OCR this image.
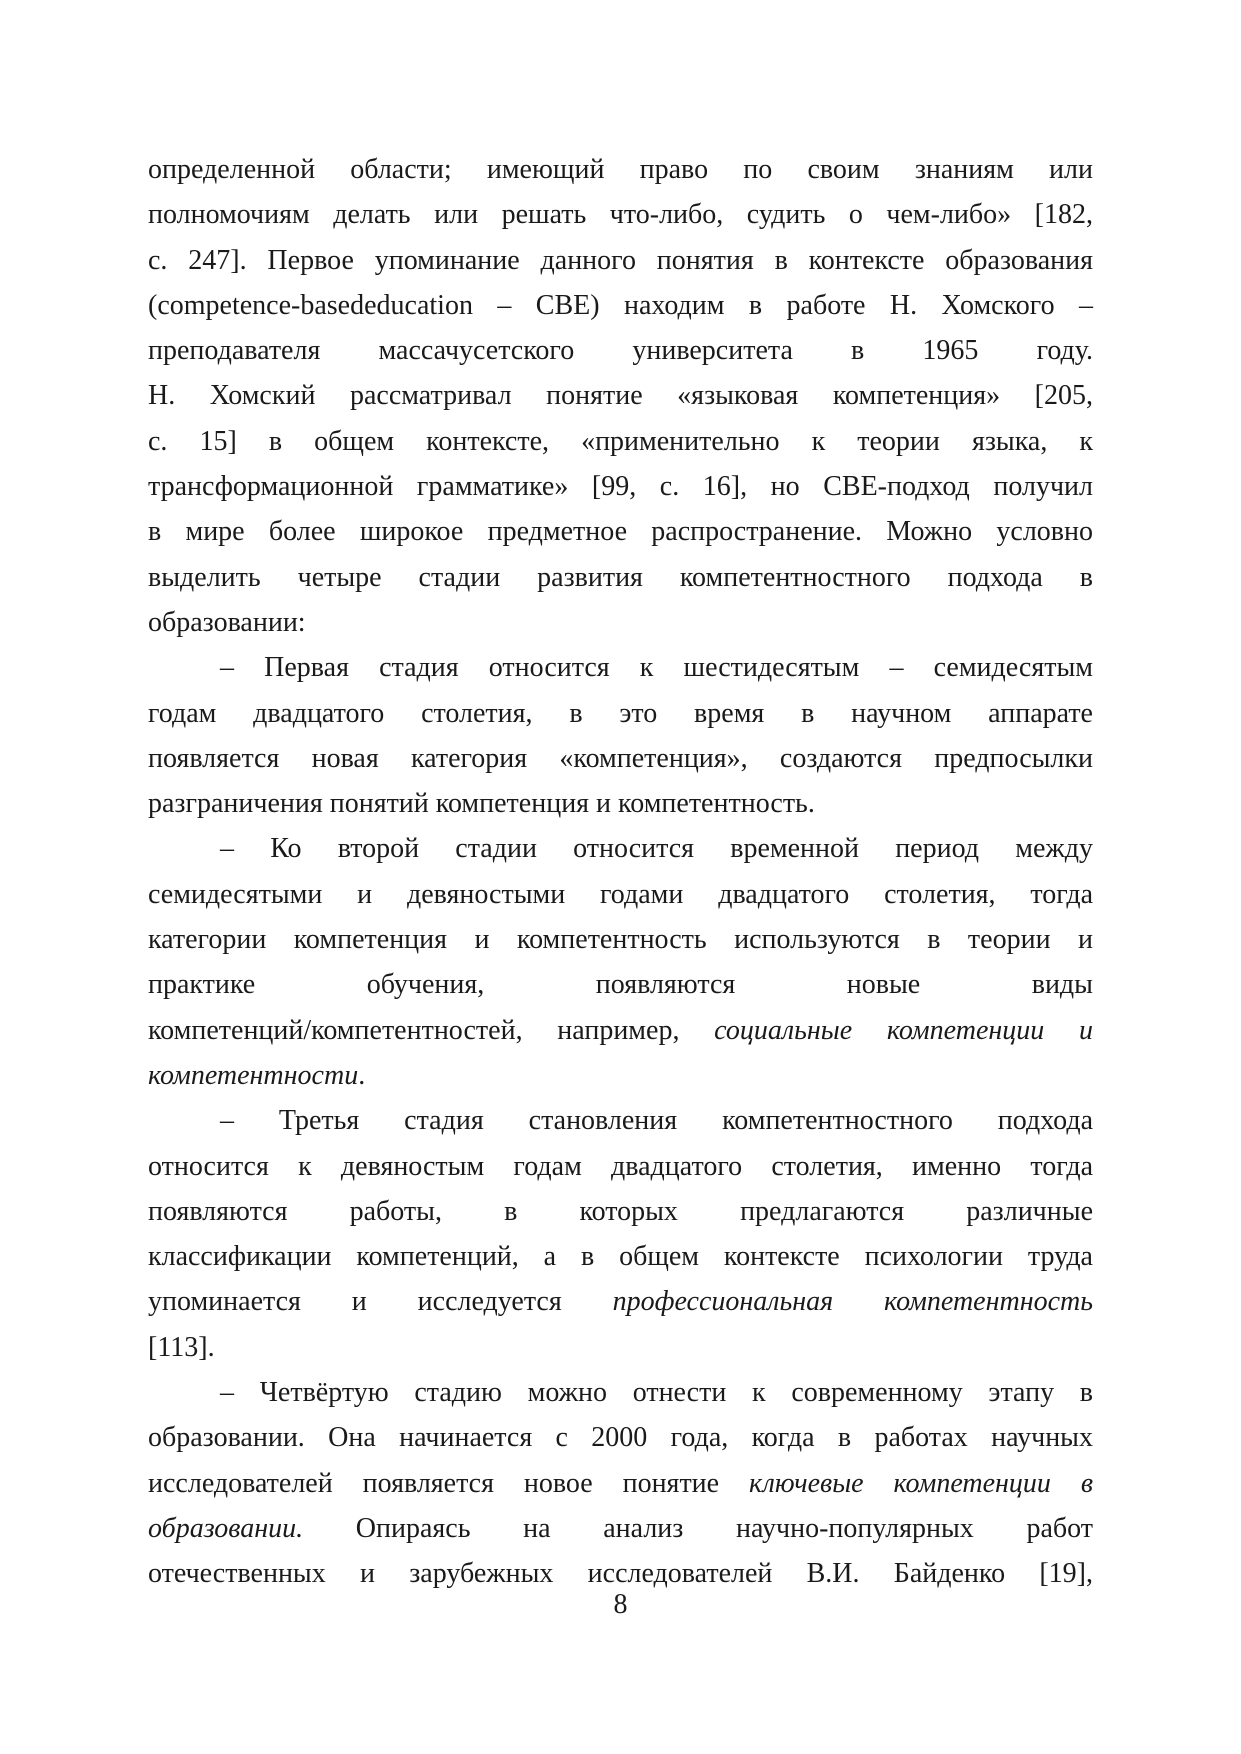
определенной области; имеющий право по своим знаниям или
полномочиям делать или решать что-либо, судить о чем-либо» [182,
с. 247]. Первое упоминание данного понятия в контексте образования
(competence-basededucation – CBE) находим в работе Н. Хомского –
преподавателя массачусетского университета в 1965 году.
Н. Хомский рассматривал понятие «языковая компетенция» [205,
с. 15] в общем контексте, «применительно к теории языка, к
трансформационной грамматике» [99, с. 16], но СВЕ-подход получил
в мире более широкое предметное распространение. Можно условно
выделить четыре стадии развития компетентностного подхода в
образовании:

– Первая стадия относится к шестидесятым – семидесятым
годам двадцатого столетия, в это время в научном аппарате
появляется новая категория «компетенция», создаются предпосылки
разграничения понятий компетенция и компетентность.

– Ко второй стадии относится временной период между
семидесятыми и девяностыми годами двадцатого столетия, тогда
категории компетенция и компетентность используются в теории и
практике обучения, появляются новые виды
компетенций/компетентностей, например, социальные компетенции и
компетентности.

– Третья стадия становления компетентностного подхода
относится к девяностым годам двадцатого столетия, именно тогда
появляются работы, в которых предлагаются различные
классификации компетенций, а в общем контексте психологии труда
упоминается и исследуется профессиональная компетентность
[113].

– Четвёртую стадию можно отнести к современному этапу в
образовании. Она начинается с 2000 года, когда в работах научных
исследователей появляется новое понятие ключевые компетенции в
образовании. Опираясь на анализ научно-популярных работ
отечественных и зарубежных исследователей В.И. Байденко [19],

8
